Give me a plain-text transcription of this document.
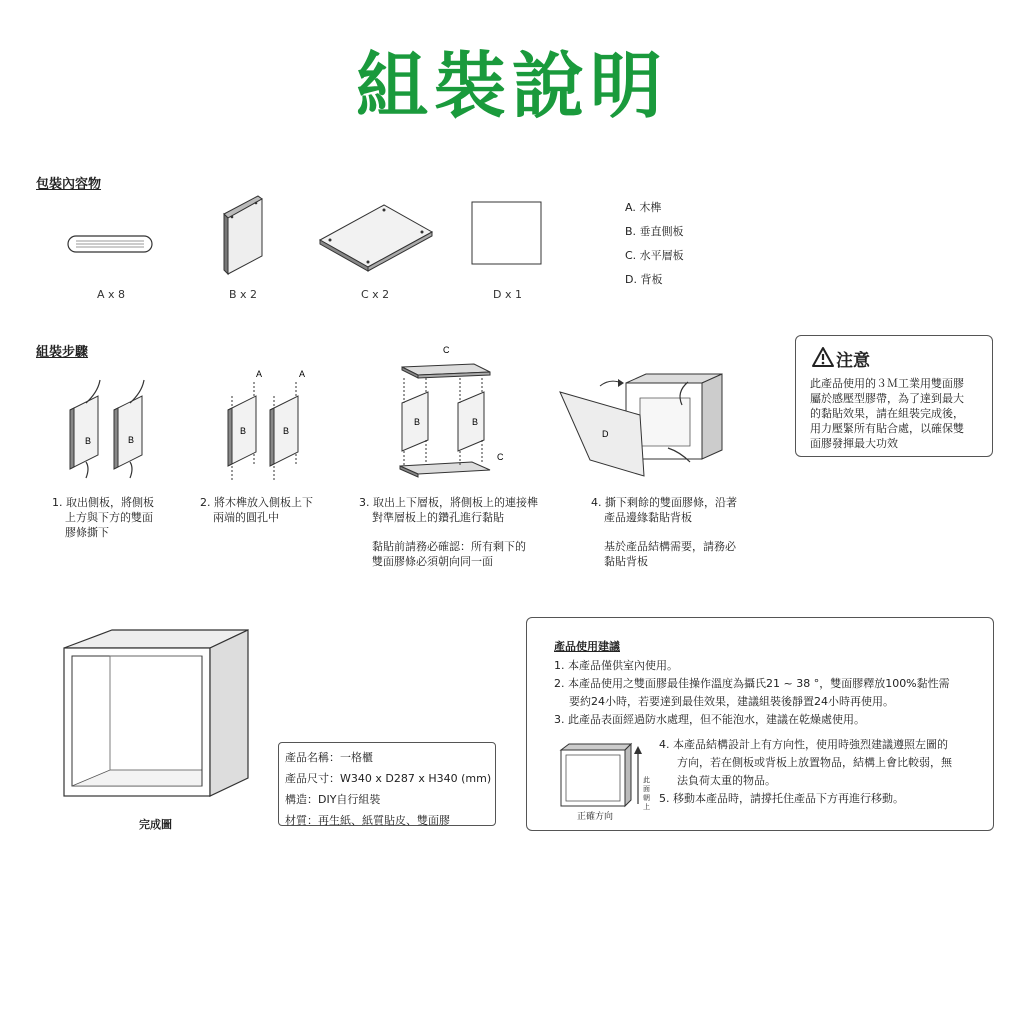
組裝說明
包裝內容物
A x 8	B x 2	C x 2	D x 1
A. 木榫
B. 垂直側板
C. 水平層板
D. 背板
組裝步驟
B	B
A	A
B	B
C
C
B	B
D

1. 取出側板，將側板

上方與下方的雙面

膠條撕下

2. 將木榫放入側板上下

兩端的圓孔中

3. 取出上下層板，將側板上的連接榫

對準層板上的鑽孔進行黏貼

黏貼前請務必確認：所有剩下的

雙面膠條必須朝向同一面

4. 撕下剩餘的雙面膠條，沿著

產品邊緣黏貼背板

基於產品結構需要，請務必

黏貼背板

注意
此產品使用的３Ｍ工業用雙面膠
屬於感壓型膠帶，為了達到最大
的黏貼效果，請在組裝完成後，
用力壓緊所有貼合處，以確保雙
面膠發揮最大功效
完成圖
產品名稱：一格櫃
產品尺寸：W340 x D287 x H340 (mm)
構造：DIY自行組裝
材質：再生紙、紙質貼皮、雙面膠
產品使用建議
1. 本產品僅供室內使用。
2. 本產品使用之雙面膠最佳操作溫度為攝氏21 ~ 38 °，雙面膠釋放100%黏性需
要約24小時，若要達到最佳效果，建議組裝後靜置24小時再使用。
3. 此產品表面經過防水處理，但不能泡水，建議在乾燥處使用。
正確方向
此
面
朝
上
4. 本產品結構設計上有方向性，使用時強烈建議遵照左圖的
方向，若在側板或背板上放置物品，結構上會比較弱，無
法負荷太重的物品。
5. 移動本產品時，請撐托住產品下方再進行移動。
